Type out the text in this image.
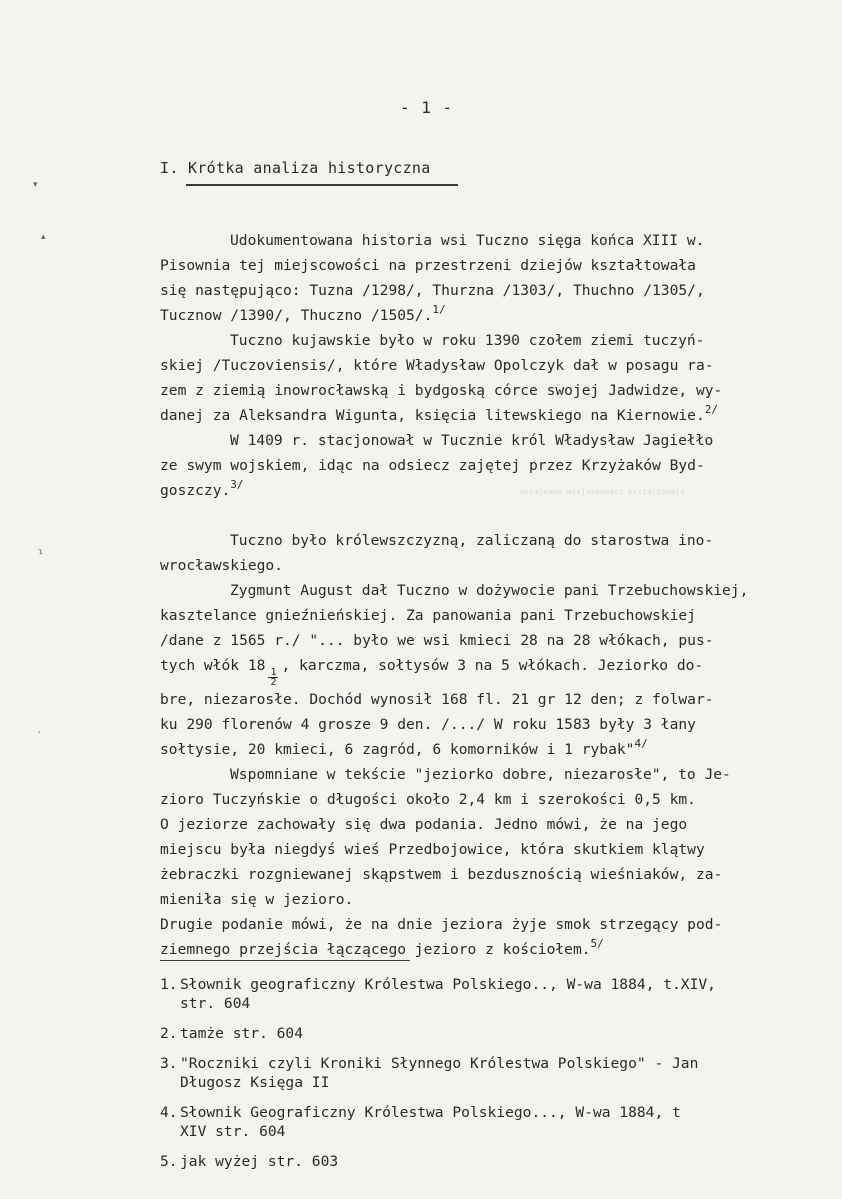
- 1 -
I. Krótka analiza historyczna
▾
▴
ɿ
ʾ
orzajemne miejscowości ksztaltowala
Udokumentowana historia wsi Tuczno sięga końca XIII w.
Pisownia tej miejscowości na przestrzeni dziejów kształtowała
się następująco: Tuzna /1298/, Thurzna /1303/, Thuchno /1305/,
Tucznow /1390/, Thuczno /1505/.$^{1/}$
Tuczno kujawskie było w roku 1390 czołem ziemi tuczyń-
skiej /Tuczoviensis/, które Władysław Opolczyk dał w posagu ra-
zem z ziemią inowrocławską i bydgoską córce swojej Jadwidze, wy-
danej za Aleksandra Wigunta, księcia litewskiego na Kiernowie.$^{2/}$
W 1409 r. stacjonował w Tucznie król Władysław Jagiełło
ze swym wojskiem, idąc na odsiecz zajętej przez Krzyżaków Byd-
goszczy.$^{3/}$
Tuczno było królewszczyzną, zaliczaną do starostwa ino-
wrocławskiego.
Zygmunt August dał Tuczno w dożywocie pani Trzebuchowskiej,
kasztelance gnieźnieńskiej. Za panowania pani Trzebuchowskiej
/dane z 1565 r./ "... było we wsi kmieci 28 na 28 włókach, pus-
tych włók 18
$\frac{1}{2}$
, karczma, sołtysów 3 na 5 włókach. Jeziorko do-
bre, niezarosłe. Dochód wynosił 168 fl. 21 gr 12 den; z folwar-
ku 290 florenów 4 grosze 9 den. /.../ W roku 1583 były 3 łany
sołtysie, 20 kmieci, 6 zagród, 6 komorników i 1 rybak"$^{4/}$
Wspomniane w tekście "jeziorko dobre, niezarosłe", to Je-
zioro Tuczyńskie o długości około 2,4 km i szerokości 0,5 km.
O jeziorze zachowały się dwa podania. Jedno mówi, że na jego
miejscu była niegdyś wieś Przedbojowice, która skutkiem klątwy
żebraczki rozgniewanej skąpstwem i bezdusznością wieśniaków, za-
mieniła się w jezioro.
Drugie podanie mówi, że na dnie jeziora żyje smok strzegący pod-
ziemnego przejścia łączącego jezioro z kościołem.$^{5/}$
1. Słownik geograficzny Królestwa Polskiego.., W-wa 1884, t.XIV,
str. 604
2. tamże str. 604
3. "Roczniki czyli Kroniki Słynnego Królestwa Polskiego" - Jan
Długosz Księga II
4. Słownik Geograficzny Królestwa Polskiego..., W-wa 1884, t
XIV str. 604
5. jak wyżej str. 603
